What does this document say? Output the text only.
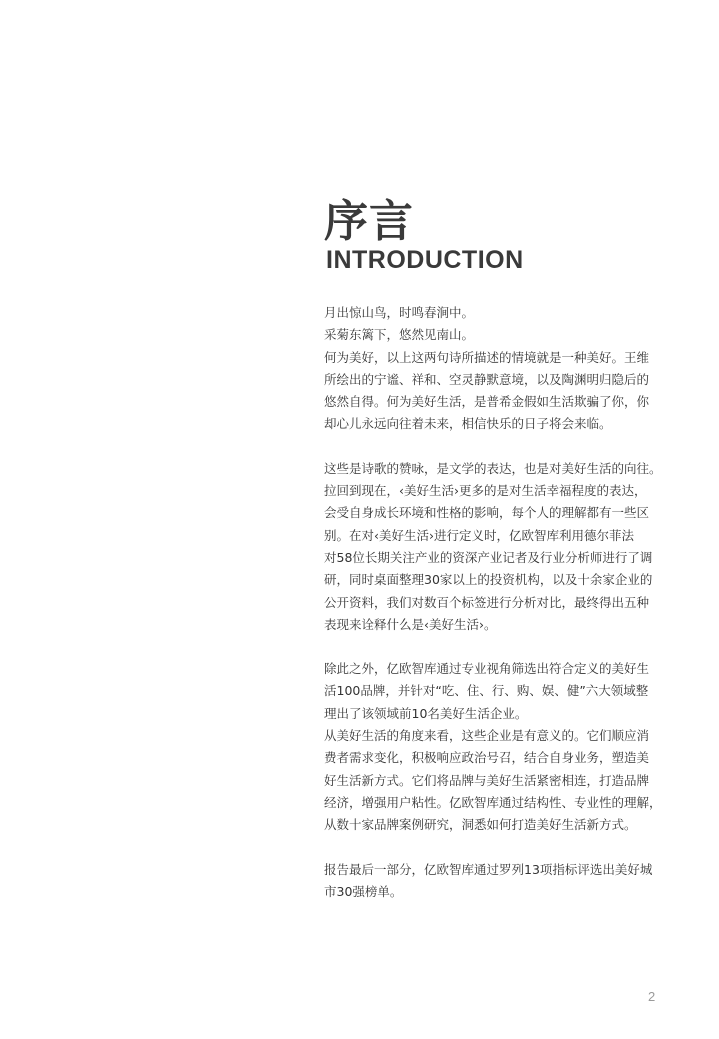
序言
INTRODUCTION
月出惊山鸟，时鸣春涧中。
采菊东篱下，悠然见南山。
何为美好，以上这两句诗所描述的情境就是一种美好。王维
所绘出的宁谧、祥和、空灵静默意境，以及陶渊明归隐后的
悠然自得。何为美好生活，是普希金假如生活欺骗了你，你
却心儿永远向往着未来，相信快乐的日子将会来临。
这些是诗歌的赞咏，是文学的表达，也是对美好生活的向往。
拉回到现在，‹美好生活›更多的是对生活幸福程度的表达，
会受自身成长环境和性格的影响，每个人的理解都有一些区
别。在对‹美好生活›进行定义时，亿欧智库利用德尔菲法
对58位长期关注产业的资深产业记者及行业分析师进行了调
研，同时桌面整理30家以上的投资机构，以及十余家企业的
公开资料，我们对数百个标签进行分析对比，最终得出五种
表现来诠释什么是‹美好生活›。
除此之外，亿欧智库通过专业视角筛选出符合定义的美好生
活100品牌，并针对“吃、住、行、购、娱、健”六大领域整
理出了该领域前10名美好生活企业。
从美好生活的角度来看，这些企业是有意义的。它们顺应消
费者需求变化，积极响应政治号召，结合自身业务，塑造美
好生活新方式。它们将品牌与美好生活紧密相连，打造品牌
经济，增强用户粘性。亿欧智库通过结构性、专业性的理解，
从数十家品牌案例研究，洞悉如何打造美好生活新方式。
报告最后一部分，亿欧智库通过罗列13项指标评选出美好城
市30强榜单。
2
